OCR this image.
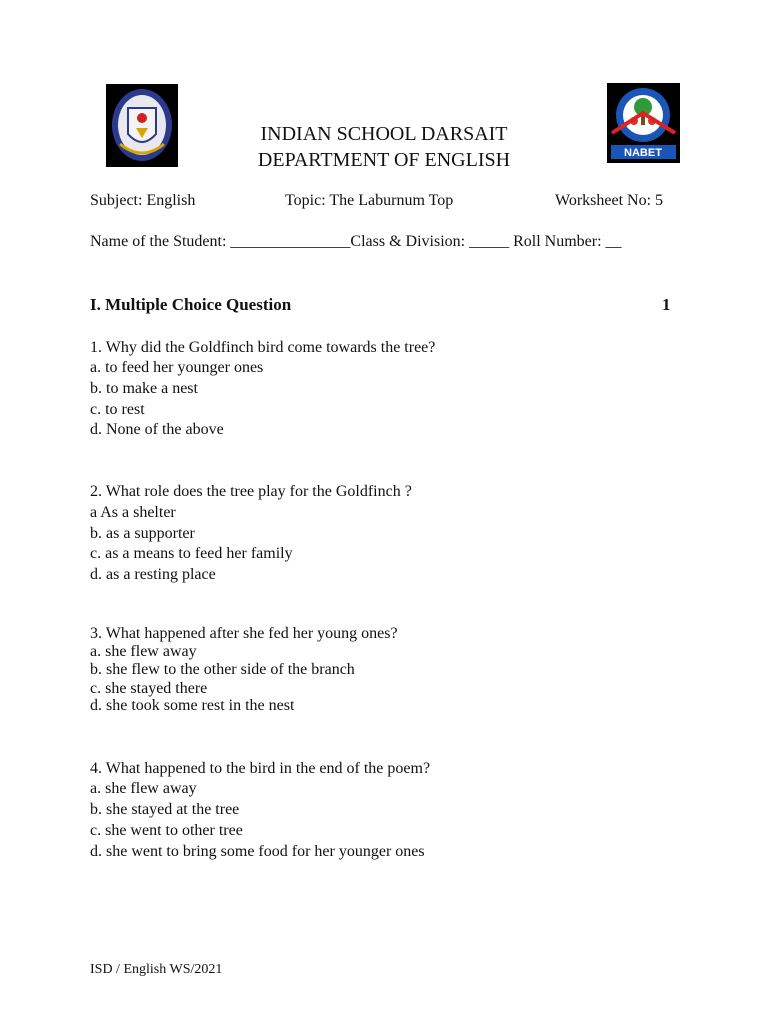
NABET
INDIAN SCHOOL DARSAIT
DEPARTMENT OF ENGLISH
Subject: English	Topic: The Laburnum Top	Worksheet No: 5
Name of the Student: _______________Class & Division: _____ Roll Number: __
I. Multiple Choice Question	1
1. Why did the Goldfinch bird come towards the tree?
a. to feed her younger ones
b. to make a nest
c. to rest
d. None of the above
2. What role does the tree play for the Goldfinch ?
a As a shelter
b. as a supporter
c. as a means to feed her family
d. as a resting place
3. What happened after she fed her young ones?
a. she flew away
b. she flew to the other side of the branch
c. she stayed there
d. she took some rest in the nest
4. What happened to the bird in the end of the poem?
a. she flew away
b. she stayed at the tree
c. she went to other tree
d. she went to bring some food for her younger ones
ISD / English WS/2021
